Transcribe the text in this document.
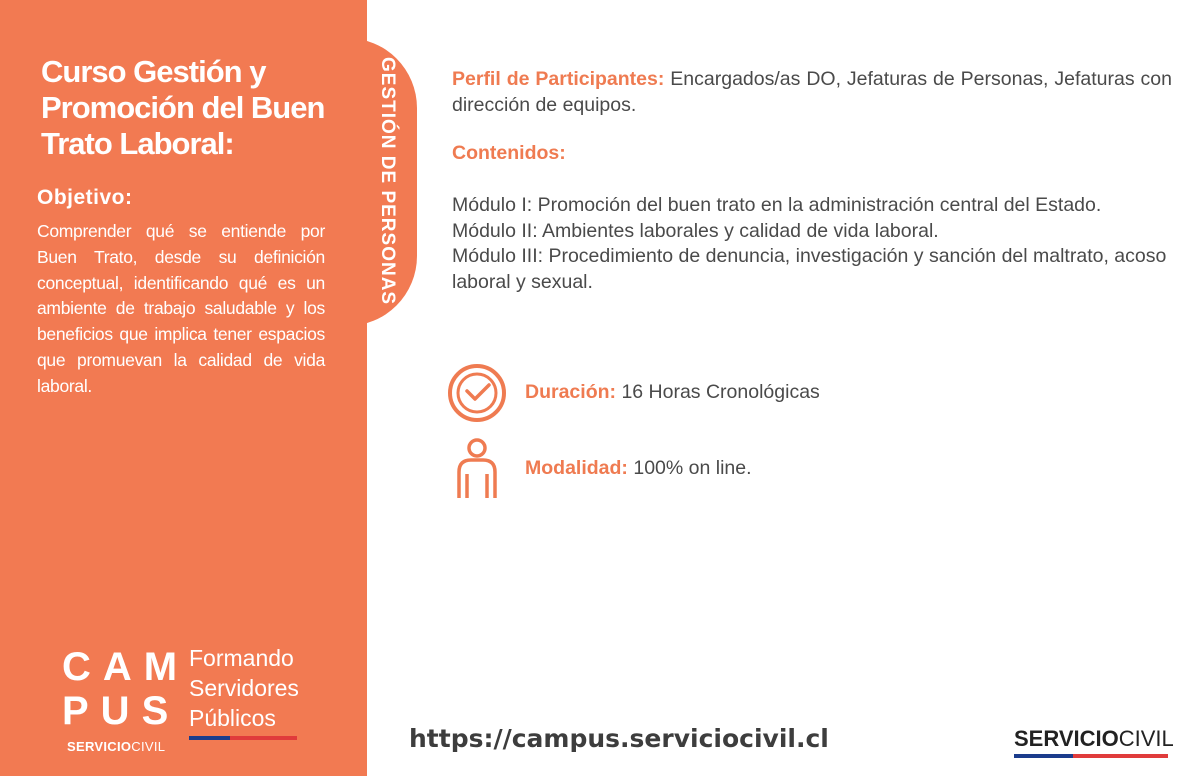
GESTIÓN DE PERSONAS
Curso Gestión y Promoción del Buen Trato Laboral:
Objetivo:

Comprender qué se entiende por Buen Trato, desde su definición conceptual, identificando qué es un ambiente de trabajo saludable y los beneficios que implica tener espacios que promuevan la calidad de vida laboral.

CAM
PUS
SERVICIOCIVIL
Formando
Servidores
Públicos

Perfil de Participantes: Encargados/as DO, Jefaturas de Personas, Jefaturas con dirección de equipos.

Contenidos:
Módulo I: Promoción del buen trato en la administración central del Estado.
Módulo II: Ambientes laborales y calidad de vida laboral.
Módulo III: Procedimiento de denuncia, investigación y sanción del maltrato, acoso laboral y sexual.
Duración: 16 Horas Cronológicas
Modalidad: 100% on line.
https://campus.serviciocivil.cl	SERVICIOCIVIL
